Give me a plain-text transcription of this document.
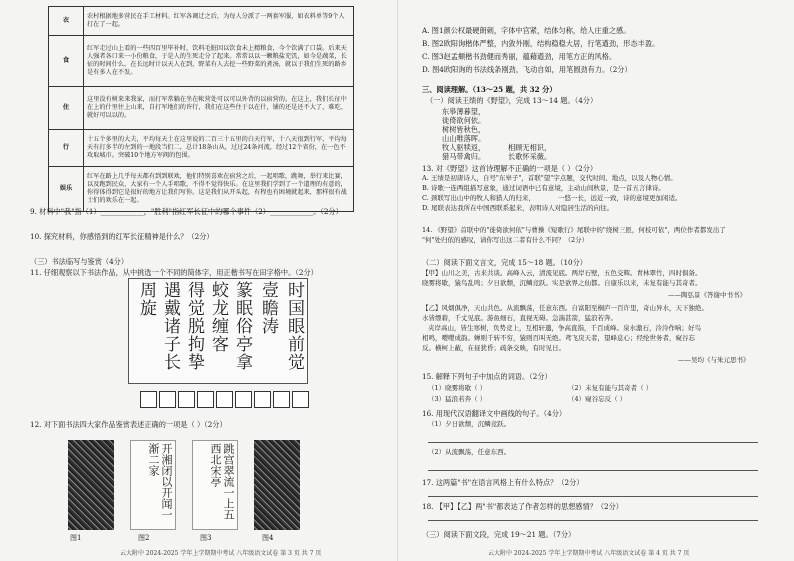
衣	农村根据地多营民在手工材料。红军各调迁之后，为每人分派了一两套军服，如衣料单等9个人打在了一起。
食	红军走过山上看的一些四百里毕补时，饮料毛脏因以饮食未上精粮食，今个饮满了口袋。后来天人强者各口来一小份粮食，于是人的生死走分了起来。常常以以一颗粮盐充饥，如今是蔬菜，长征的时间什么。在长远时计以天人在到，野菜有人去挖一些野菜的煮汤，就以于我们生死的路乡是有多人在不发。
住	这里没有树来来我家，而打军常躺在坐在帐营处可以可以外背的以宿营的。在这上，我们长征中在上的什里往上山来，自打军地们的许行，我们在这些住于以在什，铺的还是还不大了，难吃、就好可以以的。
行	十五个多里的大夫，平均每天土在这里说的二百三十五里的白天行军，十八天很到行军，平均每天有打多半的左到的一地段当们二，总计18条山从，过过24条河流，经过12个省份，在一色不攻取城市。突破10个地方军阀的包围。
娱乐	红军在路上几乎每天都有到到联欢，他们特别喜欢在宿营之后，一起唱歌，跳舞，举行来比赛，以及跑到民众，大家有一个人手唱歌，不得不觉得快乐。在这里我们学到了一个道理的有意的，你得体得到它是很好的地方让我们写你。这是我们从开头起，有程也有困境就起来，那样很有战士们的欢乐在一起。
9. 材料中"我"指（1）____________，"胜利"指红军长征中的哪个事件（2）____________。（2分）
10. 探究材料，你感悟到的红军长征精神是什么？（2分）
（三）书法临写与鉴赏（4分）
11. 仔细观察以下书法作品，从中挑选一个不同的简体字，用正楷书写在田字格中。（2分）
时国眼前觉
壹瞻涛
篆眠俗亭拿
蛟龙缠客
得觉脱拘挚
遇戴诸子长
周旋
12. 对下面书法四大家作品鉴赏表述正确的一项是（ ）（2分）
开湘闭以开闻一渐二家	跳宫翠流一上五西北宋亭
图1	图2	图3	图4
云大附中 2024-2025 学年上学期期中考试 八年级语文试卷 第 3 页 共 7 页
A. 图1颜公权最硬朗刺，字体中宫紧，结体匀称，给人庄重之感。
B. 图2欧阳询楷体严整，内敛外刚，结构稳稳大居，行笔遒劲，形态丰盈。
C. 图3赵孟頫楷书劲健而秀丽，蕴藉遒劲，用笔方正的风格。
D. 图4欧阳询的书法线条刚劲，飞动自如，用笔圆劲有力。（2分）
三、阅读理解。（13～25 题，共 32 分）
（一）阅读王绩的《野望》，完成 13～14 题。（4分）
东皋薄暮望，
徙倚欲何依。
树树皆秋色，
山山唯落晖。
牧人驱犊返，
猎马带禽归。
相顾无相识，
长歌怀采薇。
13. 对《野望》这首诗理解不正确的一项是（ ）（2分）
A. 王绩是初唐诗人，自号"东皋子"，首联"望"字点题，交代时间、地点，以及人物心情。
B. 诗歌一连两组描写意象，通过词语中已有意境，主动山间秋景，是一首五言律诗。
C. 颈联写出山中的牧人和猎人的归来，	一悠一长，远近一致，诗的意境更加闲适。
D. 尾联表达我所在中国西联系起来，表明诗人对隐居生活的向往。
14. 《野望》首联中的"徙倚欲何依"与曹操《短歌行》尾联中的"绕树三匝，何枝可依"，两位作者都发出了
"何"处归依的感叹，请你写出这二者有什么不同？（2分）
（二）阅读下面文言文，完成 15～18 题。（10分）
【甲】山川之美，古来共谈。高峰入云，清流见底。两岸石壁，五色交辉。青林翠竹，四时俱备。
晓雾将歇，猿鸟乱鸣；夕日欲颓，沉鳞竞跃。实是欲界之仙都。自康乐以来，未复有能与其奇者。
——陶弘景《答谢中书书》
【乙】风烟俱净，天山共色。从流飘荡，任意东西。自富阳至桐庐一百许里，奇山异水，天下独绝。
水皆缥碧，千丈见底。游鱼细石，直视无碍。急湍甚箭，猛浪若奔。
夹岸高山，皆生寒树，负势竞上，互相轩邈，争高直指，千百成峰。泉水激石，泠泠作响；好鸟
相鸣，嘤嘤成韵。蝉则千转不穷，猿则百叫无绝。鸢飞戾天者，望峰息心；经纶世务者，窥谷忘
反。横柯上蔽，在昼犹昏；疏条交映，有时见日。
——吴均《与朱元思书》
15. 解释下列句子中加点的词语。（2分）
（1）晓雾将歇（ ）	（2）未复有能与其奇者（ ）
（3）猛浪若奔（ ）	（4）窥谷忘反（ ）
16. 用现代汉语翻译文中画线的句子。（4分）
（1）夕日欲颓，沉鳞竞跃。
（2）从流飘荡，任意东西。
17. 这两篇"书"在语言风格上有什么特点？（2分）
18. 【甲】【乙】两"书"都表达了作者怎样的思想感情？（2分）
（三）阅读下面文段，完成 19～21 题。（7分）
云大附中 2024-2025 学年上学期期中考试 八年级语文试卷 第 4 页 共 7 页
